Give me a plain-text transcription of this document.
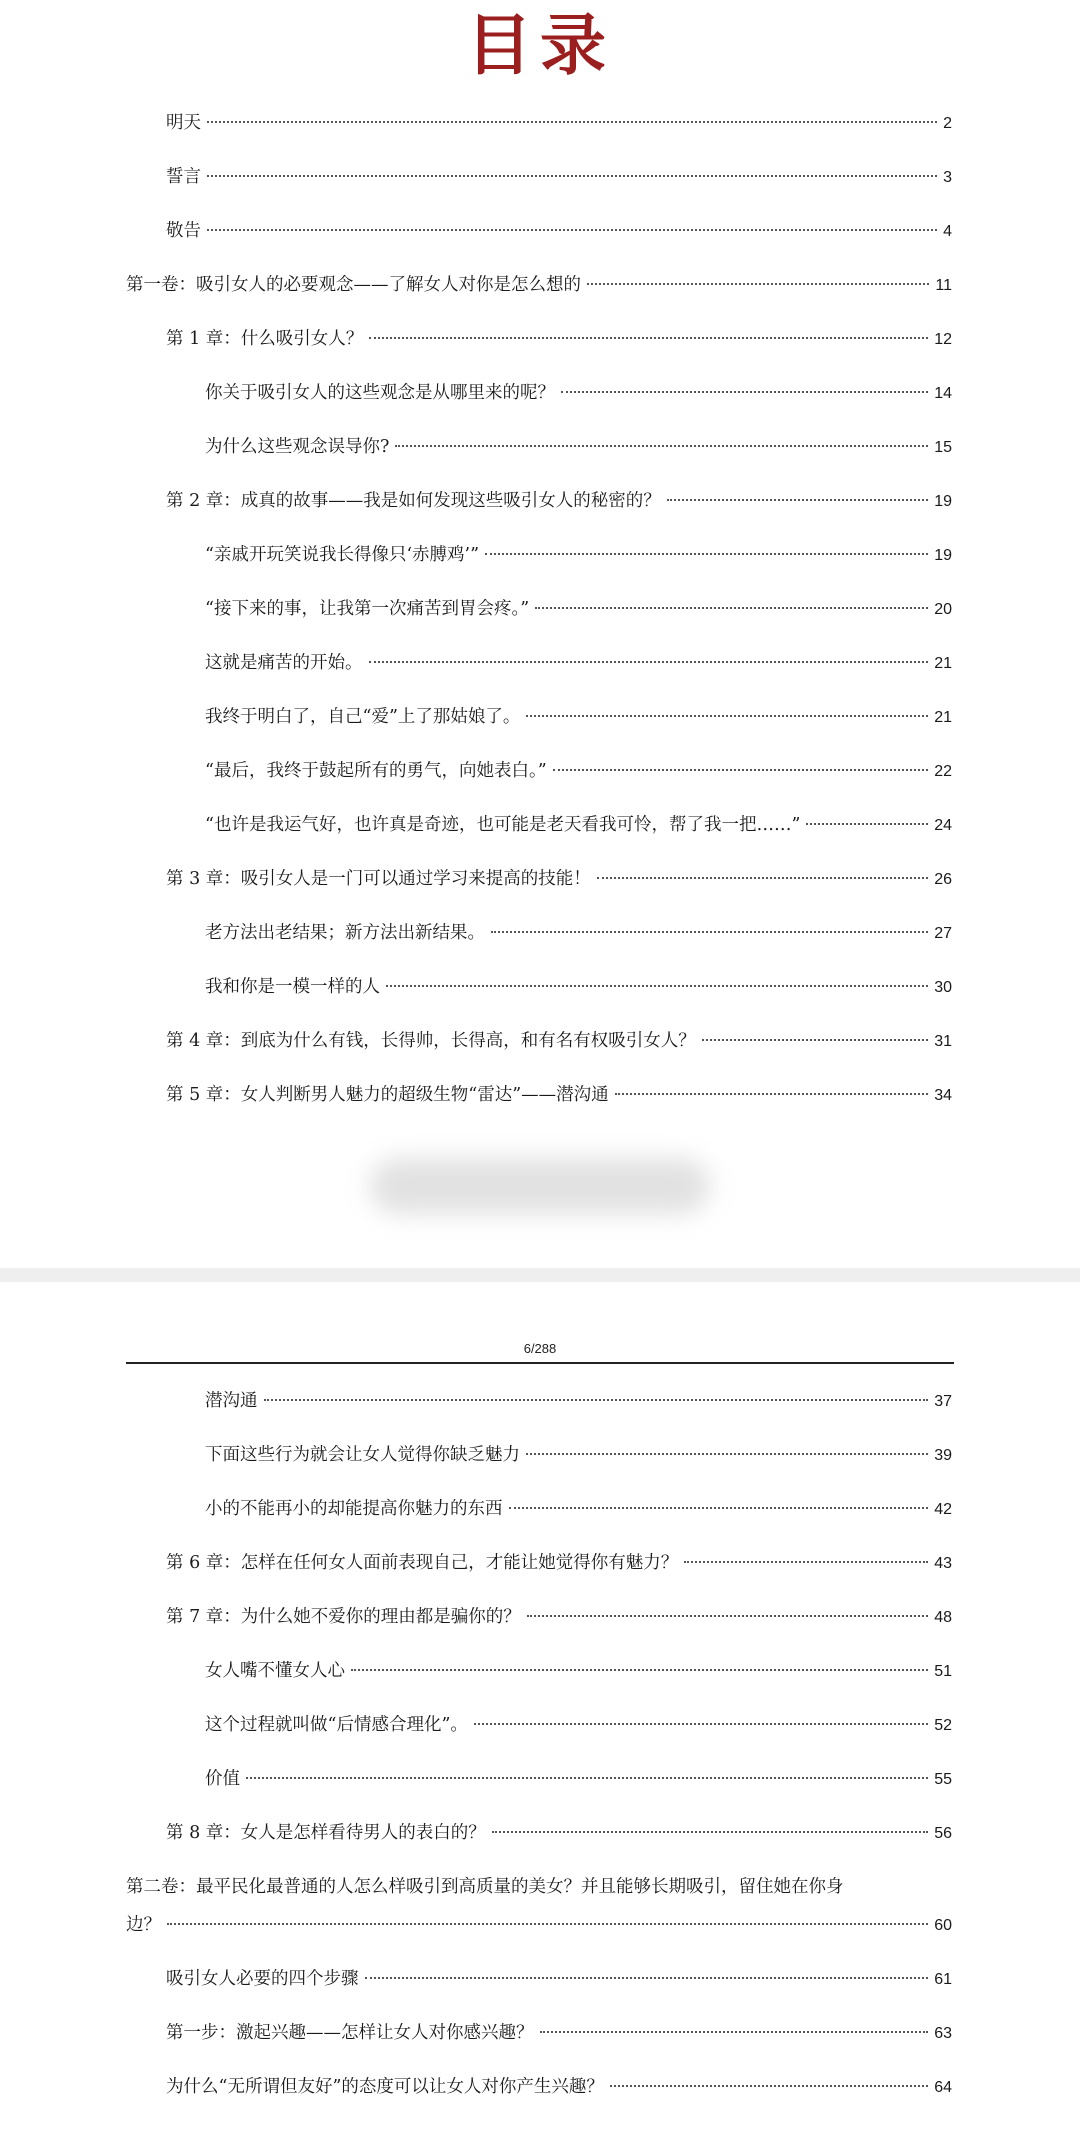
目录
明天	2
誓言	3
敬告	4
第一卷：吸引女人的必要观念——了解女人对你是怎么想的	11
第 1 章：什么吸引女人？	12
你关于吸引女人的这些观念是从哪里来的呢？	14
为什么这些观念误导你?	15
第 2 章：成真的故事——我是如何发现这些吸引女人的秘密的？	19
“亲戚开玩笑说我长得像只‘赤膊鸡’”	19
“接下来的事，让我第一次痛苦到胃会疼。”	20
这就是痛苦的开始。	21
我终于明白了，自己“爱”上了那姑娘了。	21
“最后，我终于鼓起所有的勇气，向她表白。”	22
“也许是我运气好，也许真是奇迹，也可能是老天看我可怜，帮了我一把……”	24
第 3 章：吸引女人是一门可以通过学习来提高的技能！	26
老方法出老结果；新方法出新结果。	27
我和你是一模一样的人	30
第 4 章：到底为什么有钱，长得帅，长得高，和有名有权吸引女人？	31
第 5 章：女人判断男人魅力的超级生物“雷达”——潜沟通	34
6/288
潜沟通	37
下面这些行为就会让女人觉得你缺乏魅力	39
小的不能再小的却能提高你魅力的东西	42
第 6 章：怎样在任何女人面前表现自己，才能让她觉得你有魅力？	43
第 7 章：为什么她不爱你的理由都是骗你的？	48
女人嘴不懂女人心	51
这个过程就叫做“后情感合理化”。	52
价值	55
第 8 章：女人是怎样看待男人的表白的？	56
第二卷：最平民化最普通的人怎么样吸引到高质量的美女？并且能够长期吸引，留住她在你身
边？	60
吸引女人必要的四个步骤	61
第一步：激起兴趣——怎样让女人对你感兴趣？	63
为什么“无所谓但友好”的态度可以让女人对你产生兴趣？	64
